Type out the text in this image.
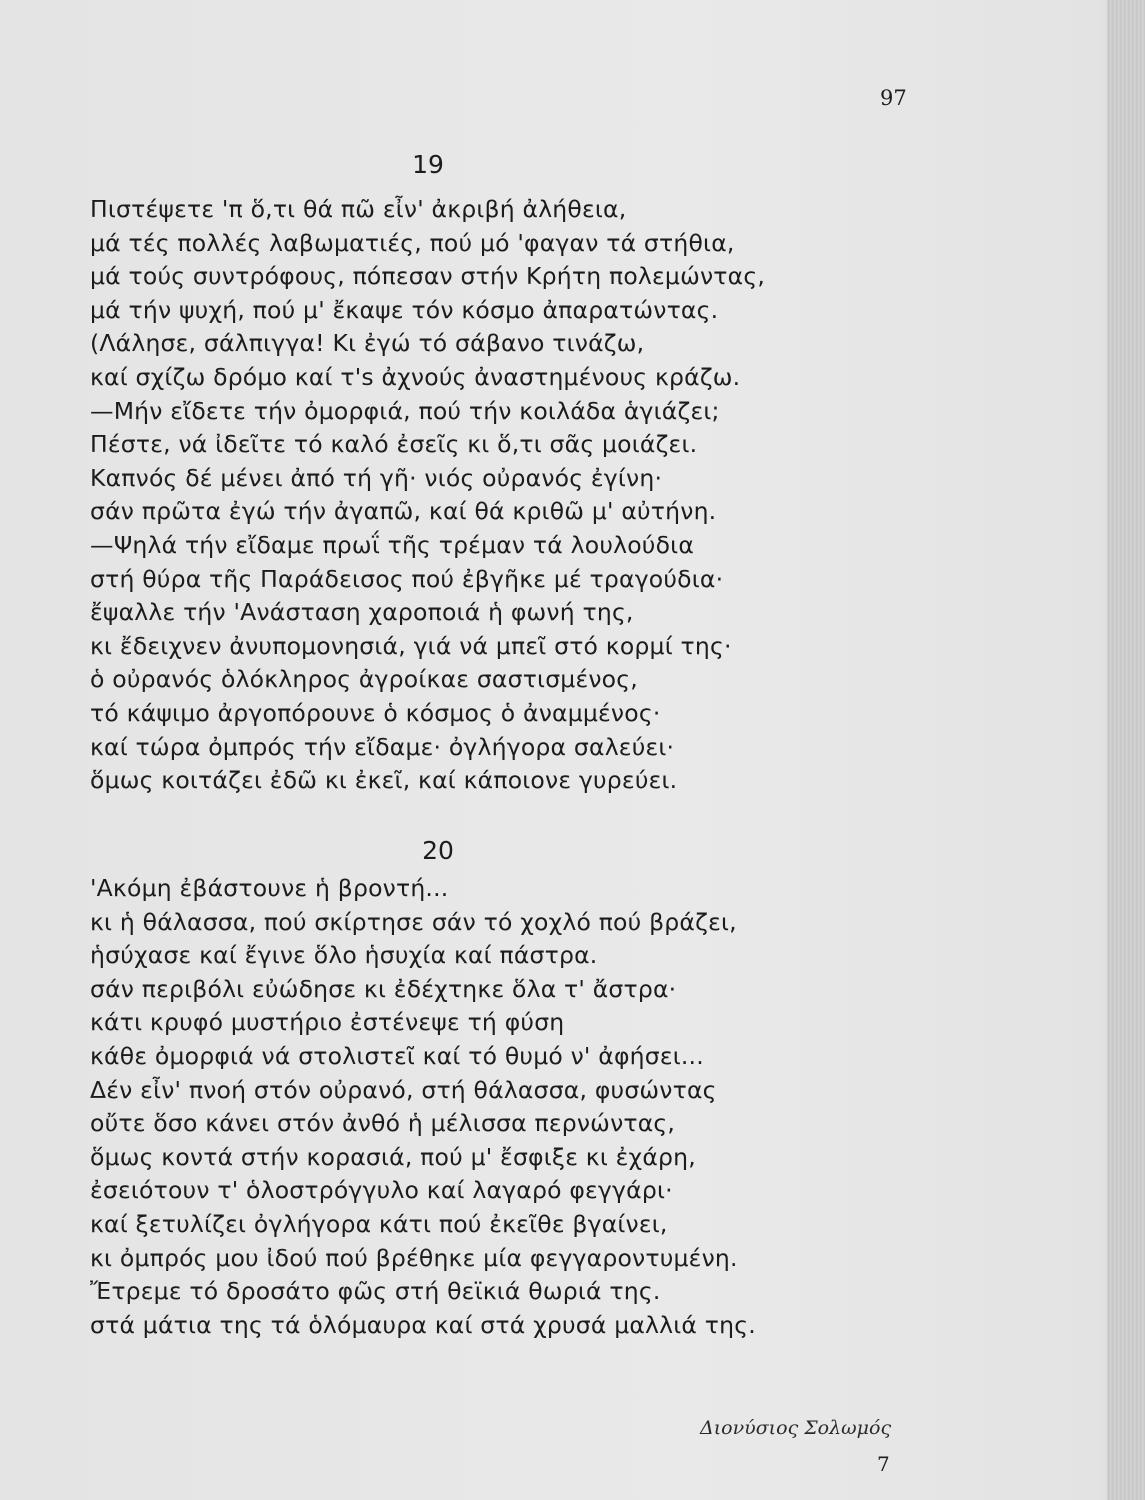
97
19
Πιστέψετε 'π ὅ,τι θά πῶ εἶν' ἀκριβή ἀλήθεια,
μά τές πολλές λαβωματιές, πού μό 'φαγαν τά στήθια,
μά τούς συντρόφους, πόπεσαν στήν Κρήτη πολεμώντας,
μά τήν ψυχή, πού μ' ἔκαψε τόν κόσμο ἀπαρατώντας.
(Λάλησε, σάλπιγγα! Κι ἐγώ τό σάβανο τινάζω,
καί σχίζω δρόμο καί τ's ἀχνούς ἀναστημένους κράζω.
—Μήν εἴδετε τήν ὀμορφιά, πού τήν κοιλάδα ἁγιάζει;
Πέστε, νά ἰδεῖτε τό καλό ἐσεῖς κι ὅ,τι σᾶς μοιάζει.
Καπνός δέ μένει ἀπό τή γῆ· νιός οὐρανός ἐγίνη·
σάν πρῶτα ἐγώ τήν ἀγαπῶ, καί θά κριθῶ μ' αὐτήνη.
—Ψηλά τήν εἴδαμε πρωΐ τῆς τρέμαν τά λουλούδια
στή θύρα τῆς Παράδεισος πού ἐβγῆκε μέ τραγούδια·
ἔψαλλε τήν 'Ανάσταση χαροποιά ἡ φωνή της,
κι ἔδειχνεν ἀνυπομονησιά, γιά νά μπεῖ στό κορμί της·
ὁ οὐρανός ὁλόκληρος ἀγροίκαε σαστισμένος,
τό κάψιμο ἀργοπόρουνε ὁ κόσμος ὁ ἀναμμένος·
καί τώρα ὀμπρός τήν εἴδαμε· ὀγλήγορα σαλεύει·
ὅμως κοιτάζει ἐδῶ κι ἐκεῖ, καί κάποιονε γυρεύει.
20
'Ακόμη ἐβάστουνε ἡ βροντή...
κι ἡ θάλασσα, πού σκίρτησε σάν τό χοχλό πού βράζει,
ἡσύχασε καί ἔγινε ὅλο ἡσυχία καί πάστρα.
σάν περιβόλι εὐώδησε κι ἐδέχτηκε ὅλα τ' ἄστρα·
κάτι κρυφό μυστήριο ἐστένεψε τή φύση
κάθε ὀμορφιά νά στολιστεῖ καί τό θυμό ν' ἀφήσει...
Δέν εἶν' πνοή στόν οὐρανό, στή θάλασσα, φυσώντας
οὔτε ὅσο κάνει στόν ἀνθό ἡ μέλισσα περνώντας,
ὅμως κοντά στήν κορασιά, πού μ' ἔσφιξε κι ἐχάρη,
ἐσειότουν τ' ὁλοστρόγγυλο καί λαγαρό φεγγάρι·
καί ξετυλίζει ὀγλήγορα κάτι πού ἐκεῖθε βγαίνει,
κι ὀμπρός μου ἰδού πού βρέθηκε μία φεγγαροντυμένη.
Ἔτρεμε τό δροσάτο φῶς στή θεϊκιά θωριά της.
στά μάτια της τά ὁλόμαυρα καί στά χρυσά μαλλιά της.
Διονύσιος Σολωμός
7
